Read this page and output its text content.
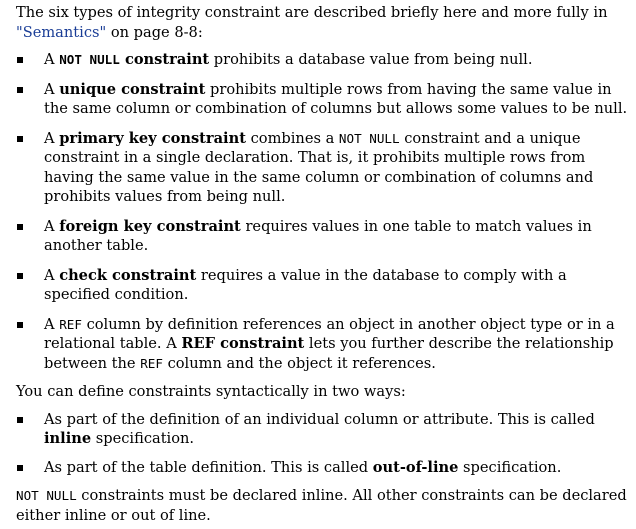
The six types of integrity constraint are described briefly here and more fully in "Semantics" on page 8-8:

A NOT NULL constraint prohibits a database value from being null.
A unique constraint prohibits multiple rows from having the same value in the same column or combination of columns but allows some values to be null.
A primary key constraint combines a NOT NULL constraint and a unique constraint in a single declaration. That is, it prohibits multiple rows from having the same value in the same column or combination of columns and prohibits values from being null.
A foreign key constraint requires values in one table to match values in another table.
A check constraint requires a value in the database to comply with a specified condition.
A REF column by definition references an object in another object type or in a relational table. A REF constraint lets you further describe the relationship between the REF column and the object it references.

You can define constraints syntactically in two ways:

As part of the definition of an individual column or attribute. This is called inline specification.
As part of the table definition. This is called out-of-line specification.

NOT NULL constraints must be declared inline. All other constraints can be declared either inline or out of line.
